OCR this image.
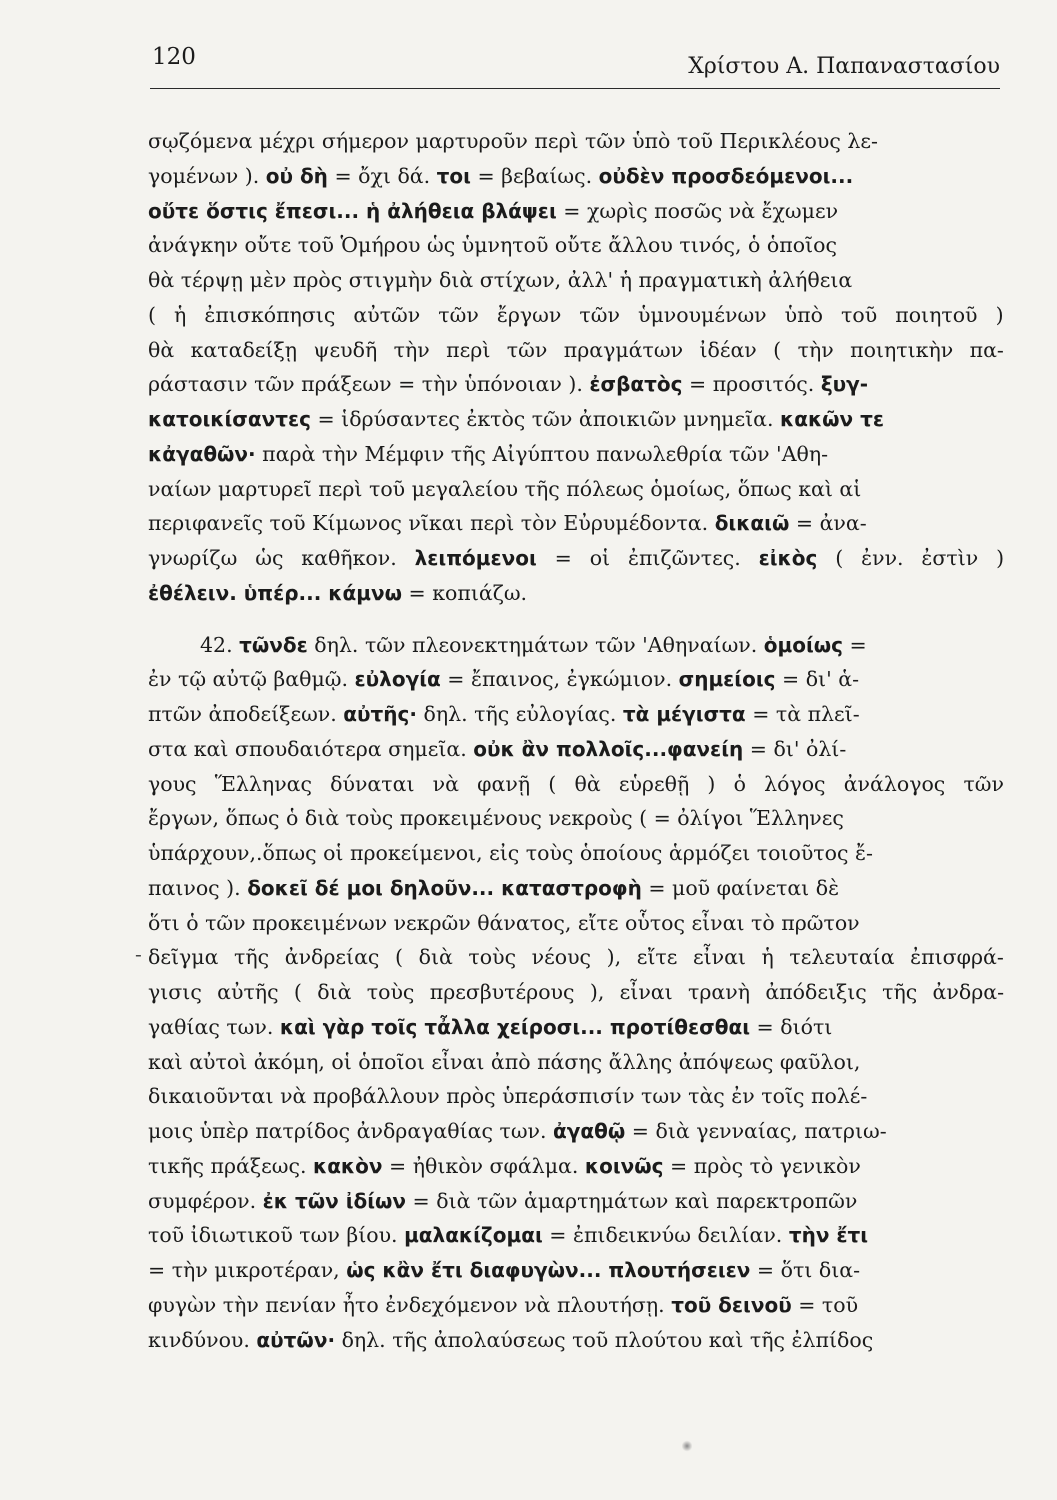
120	Χρίστου Α. Παπαναστασίου
-
σῳζόμενα μέχρι σήμερον μαρτυροῦν περὶ τῶν ὑπὸ τοῦ Περικλέους λε-
γομένων ). οὐ δὴ = ὄχι δά. τοι = βεβαίως. οὐδὲν προσδεόμενοι...
οὔτε ὅστις ἔπεσι... ἡ ἀλήθεια βλάψει = χωρὶς ποσῶς νὰ ἔχωμεν
ἀνάγκην οὔτε τοῦ Ὁμήρου ὡς ὑμνητοῦ οὔτε ἄλλου τινός, ὁ ὁποῖος
θὰ τέρψῃ μὲν πρὸς στιγμὴν διὰ στίχων, ἀλλ' ἡ πραγματικὴ ἀλήθεια
( ἡ ἐπισκόπησις αὐτῶν τῶν ἔργων τῶν ὑμνουμένων ὑπὸ τοῦ ποιητοῦ )
θὰ καταδείξῃ ψευδῆ τὴν περὶ τῶν πραγμάτων ἰδέαν ( τὴν ποιητικὴν πα-
ράστασιν τῶν πράξεων = τὴν ὑπόνοιαν ). ἐσβατὸς = προσιτός. ξυγ-
κατοικίσαντες = ἱδρύσαντες ἐκτὸς τῶν ἀποικιῶν μνημεῖα. κακῶν τε
κἀγαθῶν· παρὰ τὴν Μέμφιν τῆς Αἰγύπτου πανωλεθρία τῶν 'Αθη-
ναίων μαρτυρεῖ περὶ τοῦ μεγαλείου τῆς πόλεως ὁμοίως, ὅπως καὶ αἱ
περιφανεῖς τοῦ Κίμωνος νῖκαι περὶ τὸν Εὐρυμέδοντα. δικαιῶ = ἀνα-
γνωρίζω ὡς καθῆκον. λειπόμενοι = οἱ ἐπιζῶντες. εἰκὸς ( ἐνν. ἐστὶν )
ἐθέλειν. ὑπέρ... κάμνω = κοπιάζω.
42. τῶνδε δηλ. τῶν πλεονεκτημάτων τῶν 'Αθηναίων. ὁμοίως =
ἐν τῷ αὐτῷ βαθμῷ. εὐλογία = ἔπαινος, ἐγκώμιον. σημείοις = δι' ἁ-
πτῶν ἀποδείξεων. αὐτῆς· δηλ. τῆς εὐλογίας. τὰ μέγιστα = τὰ πλεῖ-
στα καὶ σπουδαιότερα σημεῖα. οὐκ ἂν πολλοῖς...φανείη = δι' ὀλί-
γους Ἕλληνας δύναται νὰ φανῇ ( θὰ εὑρεθῇ ) ὁ λόγος ἀνάλογος τῶν
ἔργων, ὅπως ὁ διὰ τοὺς προκειμένους νεκροὺς ( = ὀλίγοι Ἕλληνες
ὑπάρχουν,.ὅπως οἱ προκείμενοι, εἰς τοὺς ὁποίους ἁρμόζει τοιοῦτος ἔ-
παινος ). δοκεῖ δέ μοι δηλοῦν... καταστροφὴ = μοῦ φαίνεται δὲ
ὅτι ὁ τῶν προκειμένων νεκρῶν θάνατος, εἴτε οὗτος εἶναι τὸ πρῶτον
δεῖγμα τῆς ἀνδρείας ( διὰ τοὺς νέους ), εἴτε εἶναι ἡ τελευταία ἐπισφρά-
γισις αὐτῆς ( διὰ τοὺς πρεσβυτέρους ), εἶναι τρανὴ ἀπόδειξις τῆς ἀνδρα-
γαθίας των. καὶ γὰρ τοῖς τἆλλα χείροσι... προτίθεσθαι = διότι
καὶ αὐτοὶ ἀκόμη, οἱ ὁποῖοι εἶναι ἀπὸ πάσης ἄλλης ἀπόψεως φαῦλοι,
δικαιοῦνται νὰ προβάλλουν πρὸς ὑπεράσπισίν των τὰς ἐν τοῖς πολέ-
μοις ὑπὲρ πατρίδος ἀνδραγαθίας των. ἀγαθῷ = διὰ γενναίας, πατριω-
τικῆς πράξεως. κακὸν = ἠθικὸν σφάλμα. κοινῶς = πρὸς τὸ γενικὸν
συμφέρον. ἐκ τῶν ἰδίων = διὰ τῶν ἁμαρτημάτων καὶ παρεκτροπῶν
τοῦ ἰδιωτικοῦ των βίου. μαλακίζομαι = ἐπιδεικνύω δειλίαν. τὴν ἔτι
= τὴν μικροτέραν, ὡς κἂν ἔτι διαφυγὼν... πλουτήσειεν = ὅτι δια-
φυγὼν τὴν πενίαν ἦτο ἐνδεχόμενον νὰ πλουτήσῃ. τοῦ δεινοῦ = τοῦ
κινδύνου. αὐτῶν· δηλ. τῆς ἀπολαύσεως τοῦ πλούτου καὶ τῆς ἐλπίδος
